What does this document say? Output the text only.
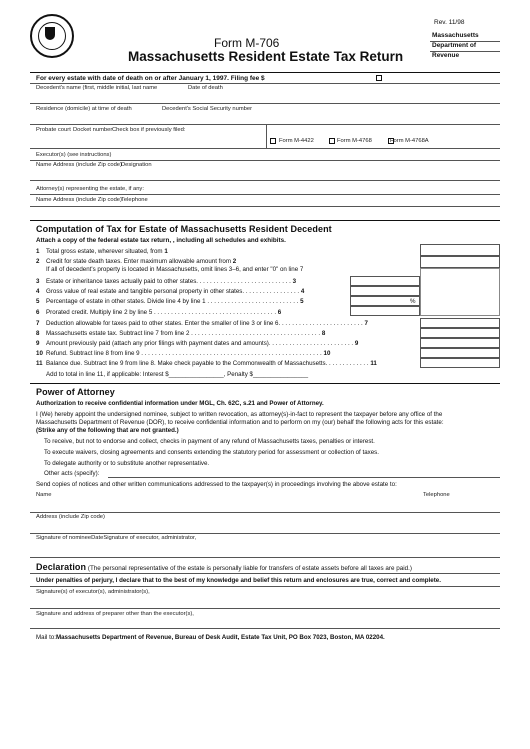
Form M-706
Massachusetts Resident Estate Tax Return
Rev. 11/98
Massachusetts
Department of
Revenue
For every estate with date of death on or after January 1, 1997. Filing fee $
Decedent's name (first, middle initial, last name	Date of death
Residence (domicile) at time of death	Decedent's Social Security number
Probate court Docket number Check box if previously filed:
Form M-4422	Form M-4768	Form M-4768A
Executor(s) (see instructions)
Name Address (include Zip code) Designation
Attorney(s) representing the estate, if any:
Name Address (include Zip code) Telephone
Computation of Tax for Estate of Massachusetts Resident Decedent
Attach a copy of the federal estate tax return, , including all schedules and exhibits.
1 Total gross estate, wherever situated, from 1
2 Credit for state death taxes. Enter maximum allowable amount from 2
If all of decedent's property is located in Massachusetts, omit lines 3–6, and enter "0" on line 7
3 Estate or inheritance taxes actually paid to other states. . . . . . . . . . . . . . . . . . . . . . . . . . . . 3
4 Gross value of real estate and tangible personal property in other states. . . . . . . . . . . . . . . . . 4
5 Percentage of estate in other states. Divide line 4 by line 1 . . . . . . . . . . . . . . . . . . . . . . . . . . . 5
6 Prorated credit. Multiply line 2 by line 5 . . . . . . . . . . . . . . . . . . . . . . . . . . . . . . . . . . . . 6
7 Deduction allowable for taxes paid to other states. Enter the smaller of line 3 or line 6. . . . . . . . . . . . . . . . . . . . . . . . . 7
8 Massachusetts estate tax. Subtract line 7 from line 2 . . . . . . . . . . . . . . . . . . . . . . . . . . . . . . . . . . . . . . 8
9 Amount previously paid (attach any prior filings with payment dates and amounts). . . . . . . . . . . . . . . . . . . . . . . . . 9
10 Refund. Subtract line 8 from line 9 . . . . . . . . . . . . . . . . . . . . . . . . . . . . . . . . . . . . . . . . . . . . . . . . . . . . . 10
11 Balance due. Subtract line 9 from line 8. Make check payable to the Commonwealth of Massachusetts. . . . . . . . . . . . . 11
Add to total in line 11, if applicable: Interest $________________, Penalty $________________
%
Power of Attorney
Authorization to receive confidential information under MGL, Ch. 62C, s.21 and Power of Attorney.
I (We) hereby appoint the undersigned nominee, subject to written revocation, as attorney(s)-in-fact to represent the taxpayer before any office of the
Massachusetts Department of Revenue (DOR), to receive confidential information and to perform on my (our) behalf the following acts for this estate:
(Strike any of the following that are not granted.)
To receive, but not to endorse and collect, checks in payment of any refund of Massachusetts taxes, penalties or interest.
To execute waivers, closing agreements and consents extending the statutory period for assessment or collection of taxes.
To delegate authority or to substitute another representative.
Other acts (specify):
Send copies of notices and other written communications addressed to the taxpayer(s) in proceedings involving the above estate to:
Name	Telephone
Address (include Zip code)
Signature of nomineeDateSignature of executor, administrator,
Declaration (The personal representative of the estate is personally liable for transfers of estate assets before all taxes are paid.)
Under penalties of perjury, I declare that to the best of my knowledge and belief this return and enclosures are true, correct and complete.
Signature(s) of executor(s), administrator(s),
Signature and address of preparer other than the executor(s),
Mail to:Massachusetts Department of Revenue, Bureau of Desk Audit, Estate Tax Unit, PO Box 7023, Boston, MA 02204.
